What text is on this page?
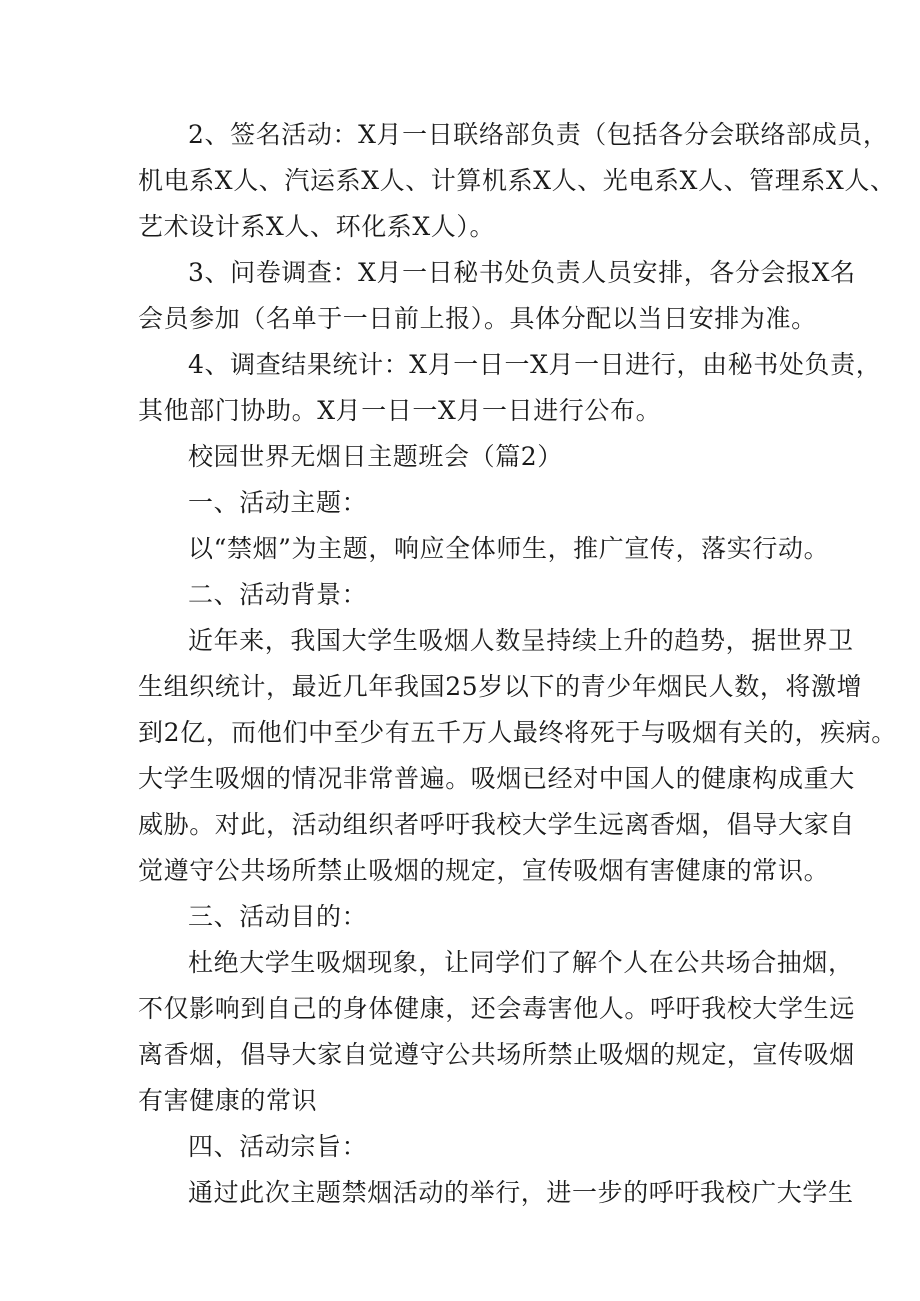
2、签名活动：X月一日联络部负责（包括各分会联络部成员，
机电系X人、汽运系X人、计算机系X人、光电系X人、管理系X人、
艺术设计系X人、环化系X人）。
3、问卷调查：X月一日秘书处负责人员安排，各分会报X名
会员参加（名单于一日前上报）。具体分配以当日安排为准。
4、调查结果统计：X月一日一X月一日进行，由秘书处负责，
其他部门协助。X月一日一X月一日进行公布。
校园世界无烟日主题班会（篇2）
一、活动主题：
以“禁烟”为主题，响应全体师生，推广宣传，落实行动。
二、活动背景：
近年来，我国大学生吸烟人数呈持续上升的趋势，据世界卫
生组织统计，最近几年我国25岁以下的青少年烟民人数，将激增
到2亿，而他们中至少有五千万人最终将死于与吸烟有关的，疾病。
大学生吸烟的情况非常普遍。吸烟已经对中国人的健康构成重大
威胁。对此，活动组织者呼吁我校大学生远离香烟，倡导大家自
觉遵守公共场所禁止吸烟的规定，宣传吸烟有害健康的常识。
三、活动目的：
杜绝大学生吸烟现象，让同学们了解个人在公共场合抽烟，
不仅影响到自己的身体健康，还会毒害他人。呼吁我校大学生远
离香烟，倡导大家自觉遵守公共场所禁止吸烟的规定，宣传吸烟
有害健康的常识
四、活动宗旨：
通过此次主题禁烟活动的举行，进一步的呼吁我校广大学生
